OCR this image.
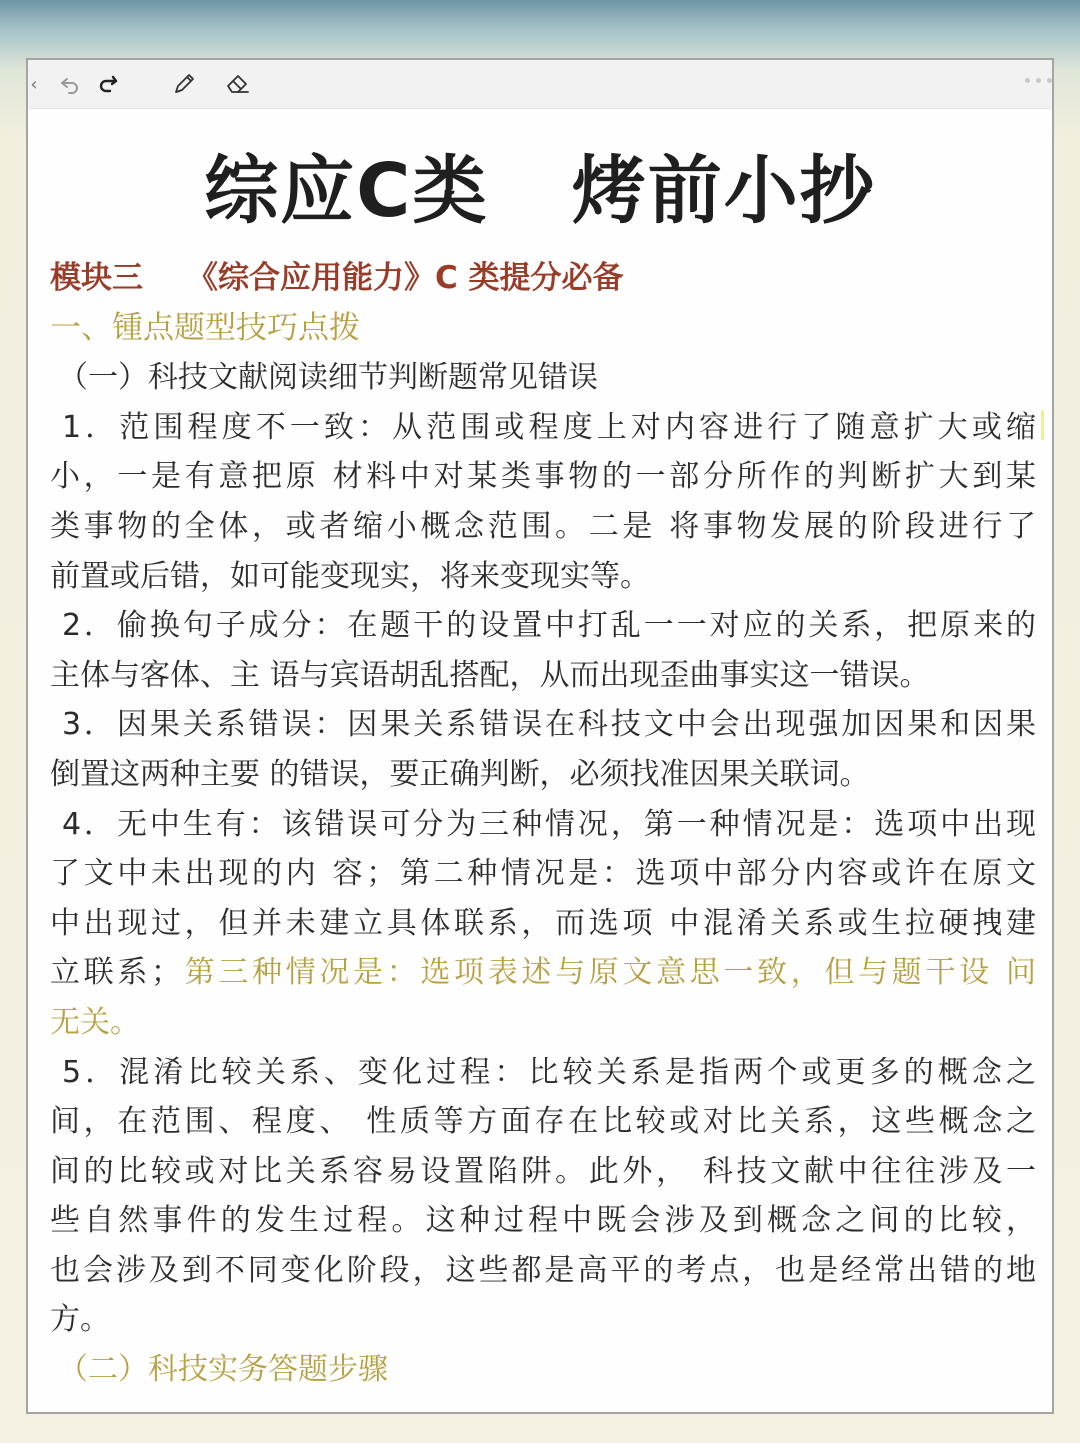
‹
综应C类   烤前小抄
模块三 《综合应用能力》C 类提分必备
一、锺点题型技巧点拨
（一）科技文献阅读细节判断题常见错误
1．范围程度不一致：从范围或程度上对内容进行了随意扩大或缩
小，一是有意把原 材料中对某类事物的一部分所作的判断扩大到某
类事物的全体，或者缩小概念范围。二是 将事物发展的阶段进行了
前置或后错，如可能变现实，将来变现实等。
2．偷换句子成分：在题干的设置中打乱一一对应的关系，把原来的
主体与客体、主 语与宾语胡乱搭配，从而出现歪曲事实这一错误。
3．因果关系错误：因果关系错误在科技文中会出现强加因果和因果
倒置这两种主要 的错误，要正确判断，必须找准因果关联词。
4．无中生有：该错误可分为三种情况，第一种情况是：选项中出现
了文中未出现的内 容；第二种情况是：选项中部分内容或许在原文
中出现过，但并未建立具体联系，而选项 中混淆关系或生拉硬拽建
立联系；第三种情况是：选项表述与原文意思一致，但与题干设 问
无关。
5．混淆比较关系、变化过程：比较关系是指两个或更多的概念之
间，在范围、程度、 性质等方面存在比较或对比关系，这些概念之
间的比较或对比关系容易设置陷阱。此外， 科技文献中往往涉及一
些自然事件的发生过程。这种过程中既会涉及到概念之间的比较，
也会涉及到不同变化阶段，这些都是高平的考点，也是经常出错的地
方。
（二）科技实务答题步骤
